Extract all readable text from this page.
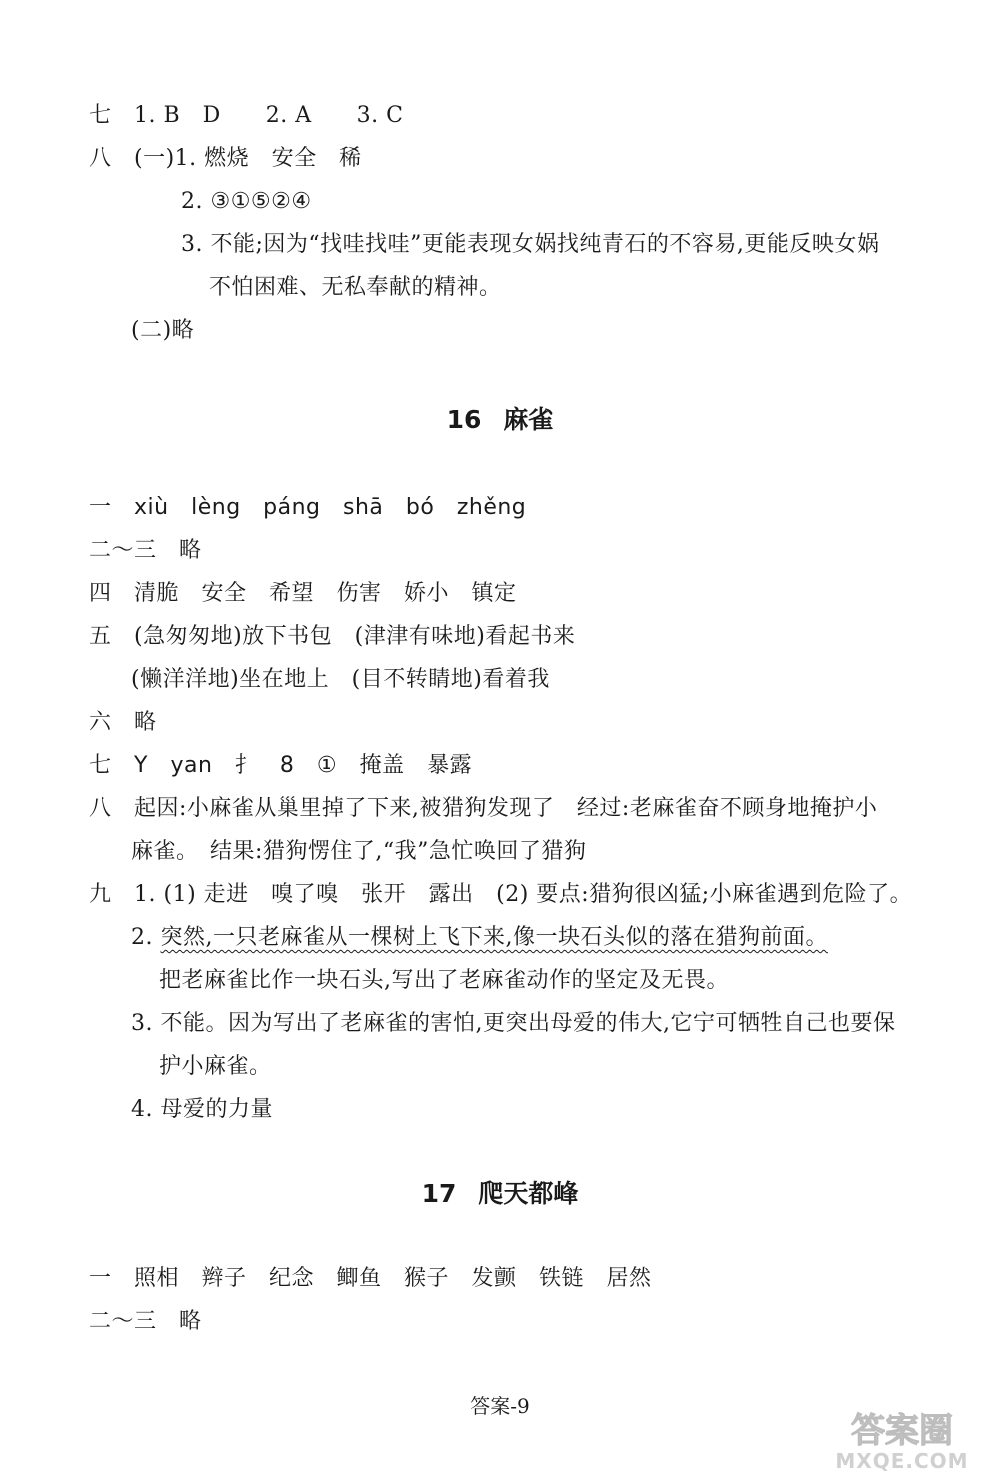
七　1. B　D　　2. A　　3. C
八　(一)1. 燃烧　安全　稀
2. ③①⑤②④
3. 不能;因为“找哇找哇”更能表现女娲找纯青石的不容易,更能反映女娲
不怕困难、无私奉献的精神。
(二)略
16 麻雀
一　 xiù　lèng　páng　shā　bó　zhěng
二～三　略
四　清脆　安全　希望　伤害　娇小　镇定
五　(急匆匆地)放下书包　(津津有味地)看起书来
(懒洋洋地)坐在地上　(目不转睛地)看着我
六　略
七　 Y　yan　扌　8　①　 掩盖　暴露
八　起因:小麻雀从巢里掉了下来,被猎狗发现了　经过:老麻雀奋不顾身地掩护小
麻雀。　结果:猎狗愣住了,“我”急忙唤回了猎狗
九　1. (1) 走进　嗅了嗅　张开　露出　(2) 要点:猎狗很凶猛;小麻雀遇到危险了。
2. 突然,一只老麻雀从一棵树上飞下来,像一块石头似的落在猎狗前面。
把老麻雀比作一块石头,写出了老麻雀动作的坚定及无畏。
3. 不能。因为写出了老麻雀的害怕,更突出母爱的伟大,它宁可牺牲自己也要保
护小麻雀。
4. 母爱的力量
17 爬天都峰
一　照相　辫子　纪念　鲫鱼　猴子　发颤　铁链　居然
二～三　略
答案-9
答案圈
MXQE.COM
